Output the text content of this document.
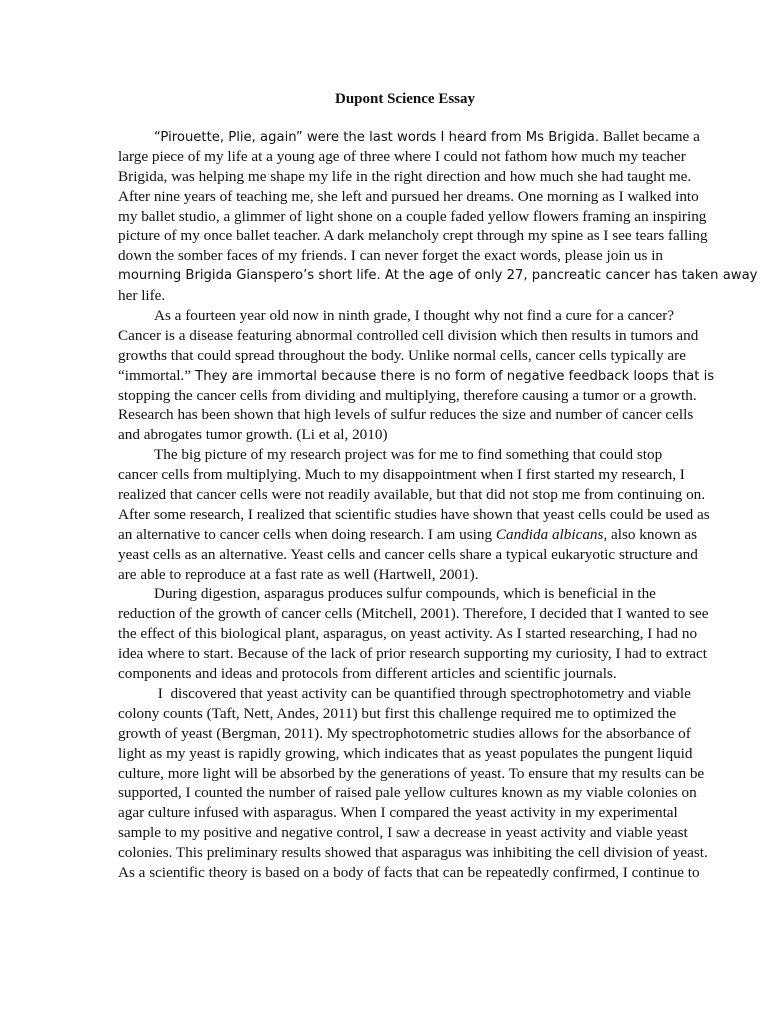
Dupont Science Essay
“Pirouette, Plie, again” were the last words I heard from Ms Brigida. Ballet became a
large piece of my life at a young age of three where I could not fathom how much my teacher
Brigida, was helping me shape my life in the right direction and how much she had taught me.
After nine years of teaching me, she left and pursued her dreams. One morning as I walked into
my ballet studio, a glimmer of light shone on a couple faded yellow flowers framing an inspiring
picture of my once ballet teacher. A dark melancholy crept through my spine as I see tears falling
down the somber faces of my friends. I can never forget the exact words, please join us in
mourning Brigida Gianspero’s short life. At the age of only 27, pancreatic cancer has taken away
her life.
As a fourteen year old now in ninth grade, I thought why not find a cure for a cancer?
Cancer is a disease featuring abnormal controlled cell division which then results in tumors and
growths that could spread throughout the body. Unlike normal cells, cancer cells typically are
“immortal.” They are immortal because there is no form of negative feedback loops that is
stopping the cancer cells from dividing and multiplying, therefore causing a tumor or a growth.
Research has been shown that high levels of sulfur reduces the size and number of cancer cells
and abrogates tumor growth. (Li et al, 2010)
The big picture of my research project was for me to find something that could stop
cancer cells from multiplying. Much to my disappointment when I first started my research, I
realized that cancer cells were not readily available, but that did not stop me from continuing on.
After some research, I realized that scientific studies have shown that yeast cells could be used as
an alternative to cancer cells when doing research. I am using Candida albicans, also known as
yeast cells as an alternative. Yeast cells and cancer cells share a typical eukaryotic structure and
are able to reproduce at a fast rate as well (Hartwell, 2001).
During digestion, asparagus produces sulfur compounds, which is beneficial in the
reduction of the growth of cancer cells (Mitchell, 2001). Therefore, I decided that I wanted to see
the effect of this biological plant, asparagus, on yeast activity. As I started researching, I had no
idea where to start. Because of the lack of prior research supporting my curiosity, I had to extract
components and ideas and protocols from different articles and scientific journals.
I  discovered that yeast activity can be quantified through spectrophotometry and viable
colony counts (Taft, Nett, Andes, 2011) but first this challenge required me to optimized the
growth of yeast (Bergman, 2011). My spectrophotometric studies allows for the absorbance of
light as my yeast is rapidly growing, which indicates that as yeast populates the pungent liquid
culture, more light will be absorbed by the generations of yeast. To ensure that my results can be
supported, I counted the number of raised pale yellow cultures known as my viable colonies on
agar culture infused with asparagus. When I compared the yeast activity in my experimental
sample to my positive and negative control, I saw a decrease in yeast activity and viable yeast
colonies. This preliminary results showed that asparagus was inhibiting the cell division of yeast.
As a scientific theory is based on a body of facts that can be repeatedly confirmed, I continue to
